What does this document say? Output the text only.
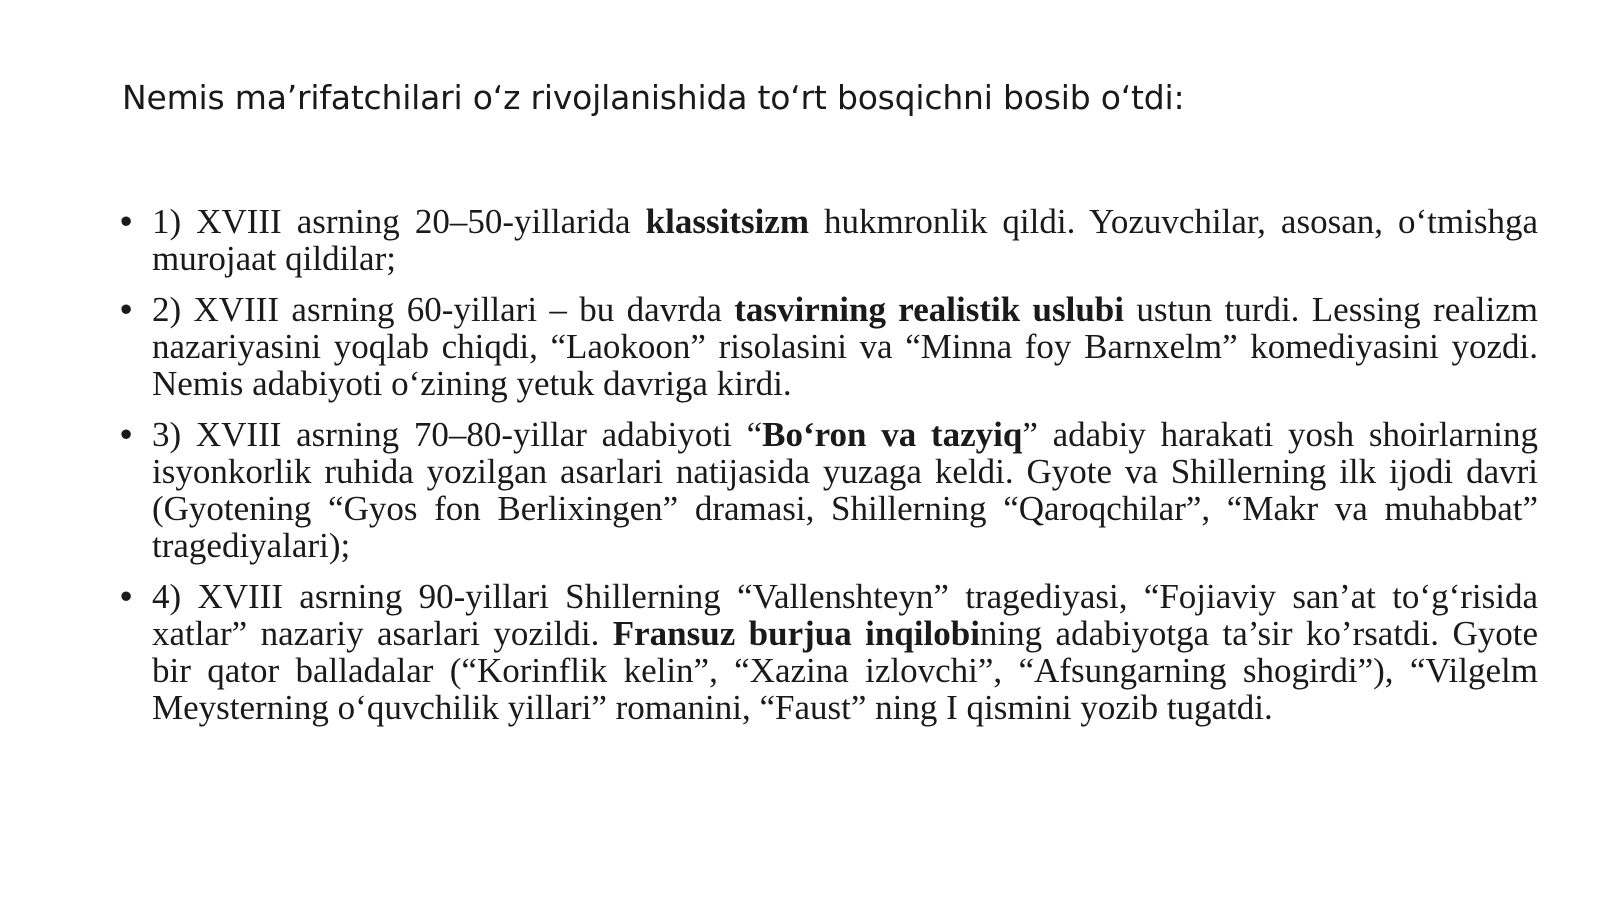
Nemis ma’rifatchilari o‘z rivojlanishida to‘rt bosqichni bosib o‘tdi:
• 1) XVIII asrning 20–50-yillarida klassitsizm hukmronlik qildi. Yozuvchilar, asosan, o‘tmishga murojaat qildilar;
• 2) XVIII asrning 60-yillari – bu davrda tasvirning realistik uslubi ustun turdi. Lessing realizm nazariyasini yoqlab chiqdi, “Laokoon” risolasini va “Minna foy Barnxelm” komediyasini yozdi. Nemis adabiyoti o‘zining yetuk davriga kirdi.
• 3) XVIII asrning 70–80-yillar adabiyoti “Bo‘ron va tazyiq” adabiy harakati yosh shoirlarning isyonkorlik ruhida yozilgan asarlari natijasida yuzaga keldi. Gyote va Shillerning ilk ijodi davri (Gyotening “Gyos fon Berlixingen” dramasi, Shillerning “Qaroqchilar”, “Makr va muhabbat” tragediyalari);
• 4) XVIII asrning 90-yillari Shillerning “Vallenshteyn” tragediyasi, “Fojiaviy san’at to‘g‘risida xatlar” nazariy asarlari yozildi. Fransuz burjua inqilobining adabiyotga ta’sir ko’rsatdi. Gyote bir qator balladalar (“Korinflik kelin”, “Xazina izlovchi”, “Afsungarning shogirdi”), “Vilgelm Meysterning o‘quvchilik yillari” romanini, “Faust” ning I qismini yozib tugatdi.
